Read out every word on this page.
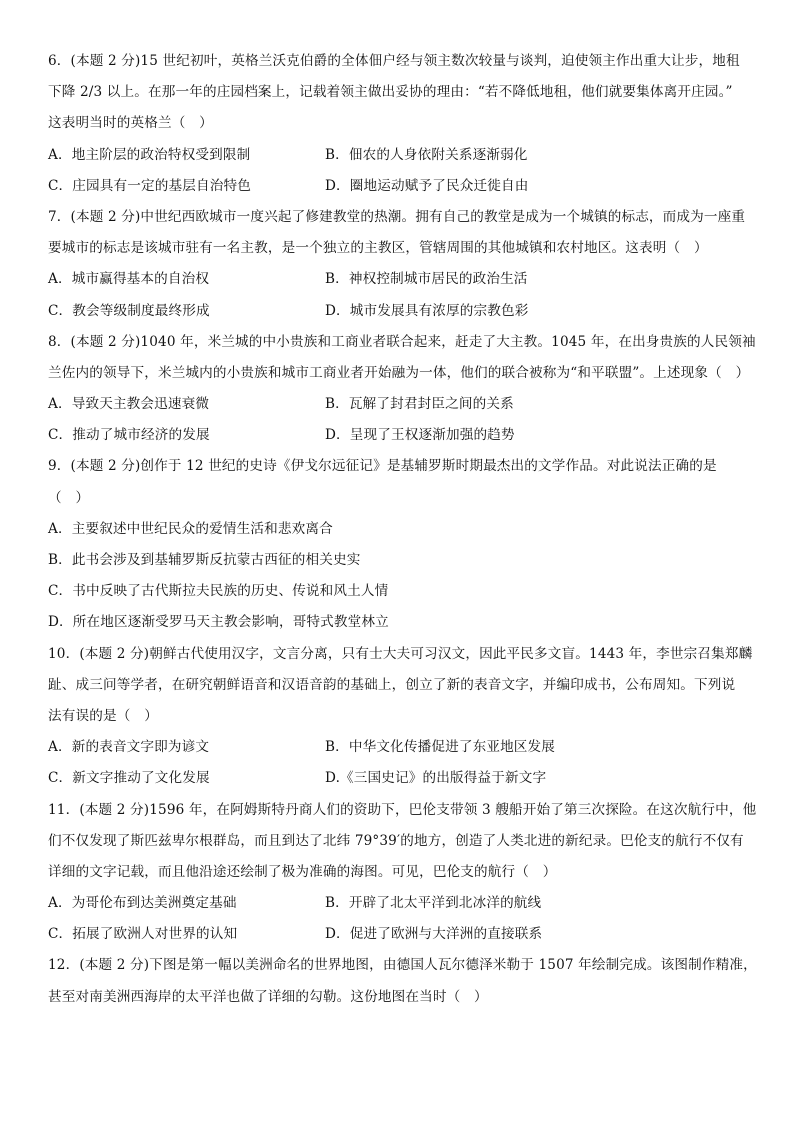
6．(本题 2 分)15 世纪初叶，英格兰沃克伯爵的全体佃户经与领主数次较量与谈判，迫使领主作出重大让步，地租
下降 2/3 以上。在那一年的庄园档案上，记载着领主做出妥协的理由：“若不降低地租，他们就要集体离开庄园。”
这表明当时的英格兰（　）
A．地主阶层的政治特权受到限制	B．佃农的人身依附关系逐渐弱化
C．庄园具有一定的基层自治特色	D．圈地运动赋予了民众迁徙自由
7．(本题 2 分)中世纪西欧城市一度兴起了修建教堂的热潮。拥有自己的教堂是成为一个城镇的标志，而成为一座重
要城市的标志是该城市驻有一名主教，是一个独立的主教区，管辖周围的其他城镇和农村地区。这表明（　）
A．城市赢得基本的自治权	B．神权控制城市居民的政治生活
C．教会等级制度最终形成	D．城市发展具有浓厚的宗教色彩
8．(本题 2 分)1040 年，米兰城的中小贵族和工商业者联合起来，赶走了大主教。1045 年，在出身贵族的人民领袖
兰佐内的领导下，米兰城内的小贵族和城市工商业者开始融为一体，他们的联合被称为“和平联盟”。上述现象（　）
A．导致天主教会迅速衰微	B．瓦解了封君封臣之间的关系
C．推动了城市经济的发展	D．呈现了王权逐渐加强的趋势
9．(本题 2 分)创作于 12 世纪的史诗《伊戈尔远征记》是基辅罗斯时期最杰出的文学作品。对此说法正确的是
（　）
A．主要叙述中世纪民众的爱情生活和悲欢离合
B．此书会涉及到基辅罗斯反抗蒙古西征的相关史实
C．书中反映了古代斯拉夫民族的历史、传说和风土人情
D．所在地区逐渐受罗马天主教会影响，哥特式教堂林立
10．(本题 2 分)朝鲜古代使用汉字，文言分离，只有士大夫可习汉文，因此平民多文盲。1443 年，李世宗召集郑麟
趾、成三问等学者，在研究朝鲜语音和汉语音韵的基础上，创立了新的表音文字，并编印成书，公布周知。下列说
法有误的是（　）
A．新的表音文字即为谚文	B．中华文化传播促进了东亚地区发展
C．新文字推动了文化发展	D.《三国史记》的出版得益于新文字
11．(本题 2 分)1596 年，在阿姆斯特丹商人们的资助下，巴伦支带领 3 艘船开始了第三次探险。在这次航行中，他
们不仅发现了斯匹兹卑尔根群岛，而且到达了北纬 79°39′的地方，创造了人类北进的新纪录。巴伦支的航行不仅有
详细的文字记载，而且他沿途还绘制了极为准确的海图。可见，巴伦支的航行（　）
A．为哥伦布到达美洲奠定基础	B．开辟了北太平洋到北冰洋的航线
C．拓展了欧洲人对世界的认知	D．促进了欧洲与大洋洲的直接联系
12．(本题 2 分)下图是第一幅以美洲命名的世界地图，由德国人瓦尔德泽米勒于 1507 年绘制完成。该图制作精准，
甚至对南美洲西海岸的太平洋也做了详细的勾勒。这份地图在当时（　）
